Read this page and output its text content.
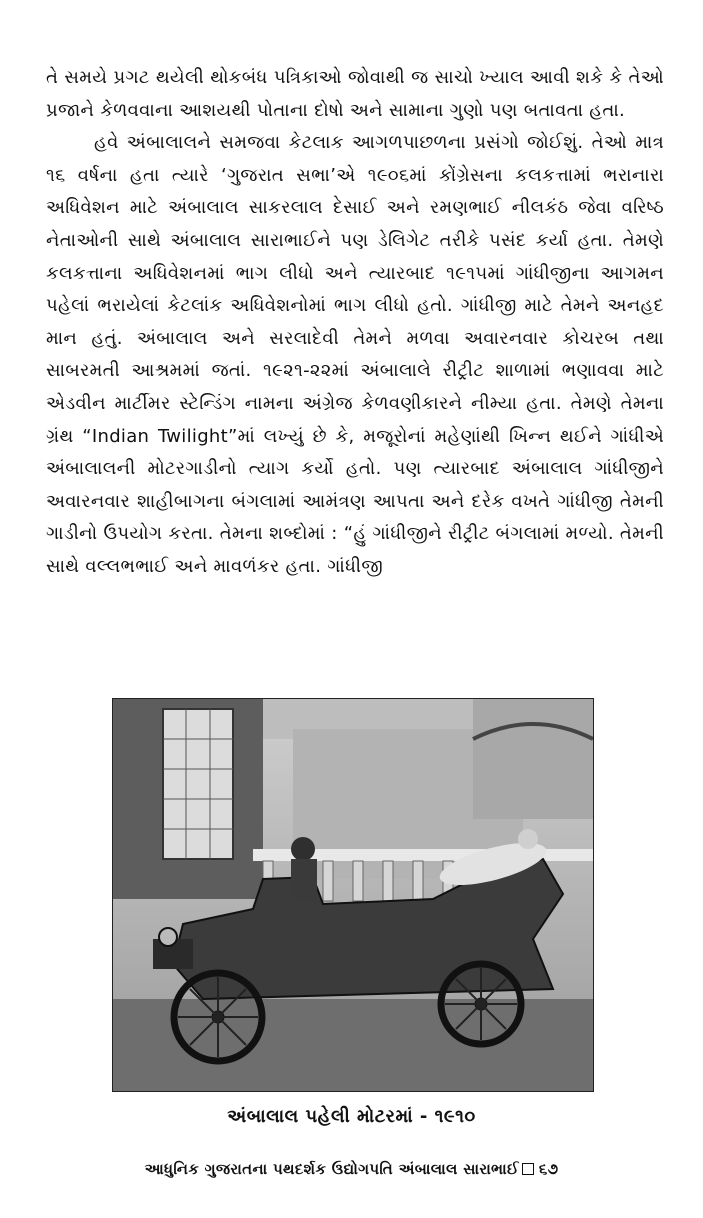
તે સમયે પ્રગટ થયેલી થોકબંધ પત્રિકાઓ જોવાથી જ સાચો ખ્યાલ આવી શકે કે તેઓ પ્રજાને કેળવવાના આશયથી પોતાના દોષો અને સામાના ગુણો પણ બતાવતા હતા.

હવે અંબાલાલને સમજવા કેટલાક આગળપાછળના પ્રસંગો જોઈશું. તેઓ માત્ર ૧૬ વર્ષના હતા ત્યારે ‘ગુજરાત સભા’એ ૧૯૦૬માં કોંગ્રેસના કલકત્તામાં ભરાનારા અધિવેશન માટે અંબાલાલ સાકરલાલ દેસાઈ અને રમણભાઈ નીલકંઠ જેવા વરિષ્ઠ નેતાઓની સાથે અંબાલાલ સારાભાઈને પણ ડેલિગેટ તરીકે પસંદ કર્યા હતા. તેમણે કલકત્તાના અધિવેશનમાં ભાગ લીધો અને ત્યારબાદ ૧૯૧૫માં ગાંધીજીના આગમન પહેલાં ભરાયેલાં કેટલાંક અધિવેશનોમાં ભાગ લીધો હતો. ગાંધીજી માટે તેમને અનહદ માન હતું. અંબાલાલ અને સરલાદેવી તેમને મળવા અવારનવાર કોચરબ તથા સાબરમતી આશ્રમમાં જતાં. ૧૯૨૧-૨૨માં અંબાલાલે રીટ્રીટ શાળામાં ભણાવવા માટે એડવીન માર્ટીમર સ્ટેન્ડિંગ નામના અંગ્રેજ કેળવણીકારને નીમ્યા હતા. તેમણે તેમના ગ્રંથ “Indian Twilight”માં લખ્યું છે કે, મજૂરોનાં મહેણાંથી ખિન્ન થઈને ગાંધીએ અંબાલાલની મોટરગાડીનો ત્યાગ કર્યો હતો. પણ ત્યારબાદ અંબાલાલ ગાંધીજીને અવારનવાર શાહીબાગના બંગલામાં આમંત્રણ આપતા અને દરેક વખતે ગાંધીજી તેમની ગાડીનો ઉપયોગ કરતા. તેમના શબ્દોમાં : “હું ગાંધીજીને રીટ્રીટ બંગલામાં મળ્યો. તેમની સાથે વલ્લભભાઈ અને માવળંકર હતા. ગાંધીજી

અંબાલાલ પહેલી મોટરમાં - ૧૯૧૦
આધુનિક ગુજરાતના પથદર્શક ઉદ્યોગપતિ અંબાલાલ સારાભાઈ ૬૭
